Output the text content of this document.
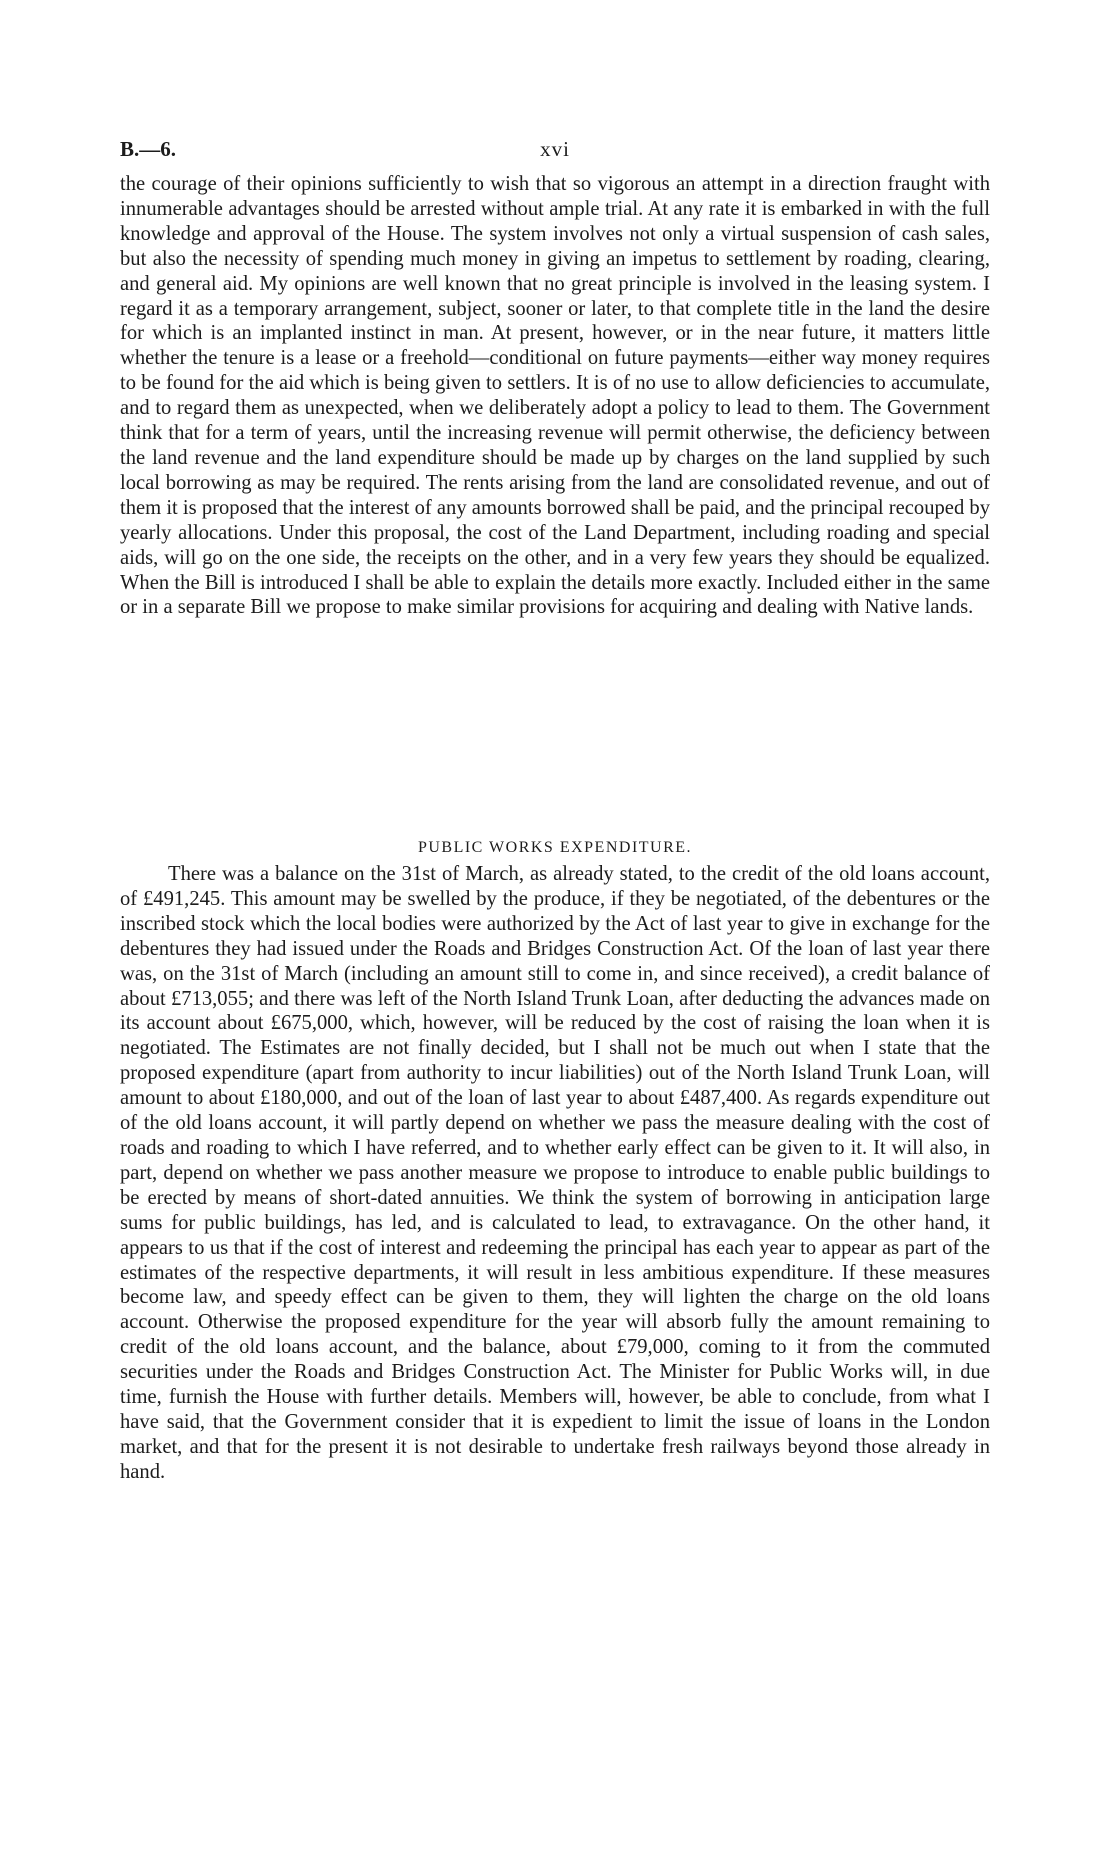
B.—6.	xvi

the courage of their opinions sufficiently to wish that so vigorous an attempt in a direction fraught with innumerable advantages should be arrested without ample trial. At any rate it is embarked in with the full knowledge and approval of the House. The system involves not only a virtual suspension of cash sales, but also the necessity of spending much money in giving an impetus to settlement by roading, clearing, and general aid. My opinions are well known that no great principle is involved in the leasing system. I regard it as a temporary arrangement, subject, sooner or later, to that complete title in the land the desire for which is an implanted instinct in man. At present, however, or in the near future, it matters little whether the tenure is a lease or a freehold—conditional on future payments—either way money requires to be found for the aid which is being given to settlers. It is of no use to allow deficiencies to accumulate, and to regard them as unexpected, when we deliberately adopt a policy to lead to them. The Government think that for a term of years, until the increasing revenue will permit otherwise, the deficiency between the land revenue and the land expenditure should be made up by charges on the land supplied by such local borrowing as may be required. The rents arising from the land are consolidated revenue, and out of them it is proposed that the interest of any amounts borrowed shall be paid, and the principal recouped by yearly allocations. Under this proposal, the cost of the Land Department, including roading and special aids, will go on the one side, the receipts on the other, and in a very few years they should be equalized. When the Bill is introduced I shall be able to explain the details more exactly. Included either in the same or in a separate Bill we propose to make similar provisions for acquiring and dealing with Native lands.

PUBLIC WORKS EXPENDITURE.

There was a balance on the 31st of March, as already stated, to the credit of the old loans account, of £491,245. This amount may be swelled by the produce, if they be negotiated, of the debentures or the inscribed stock which the local bodies were authorized by the Act of last year to give in exchange for the debentures they had issued under the Roads and Bridges Construction Act. Of the loan of last year there was, on the 31st of March (including an amount still to come in, and since received), a credit balance of about £713,055; and there was left of the North Island Trunk Loan, after deducting the advances made on its account about £675,000, which, however, will be reduced by the cost of raising the loan when it is negotiated. The Estimates are not finally decided, but I shall not be much out when I state that the proposed expenditure (apart from authority to incur liabilities) out of the North Island Trunk Loan, will amount to about £180,000, and out of the loan of last year to about £487,400. As regards expenditure out of the old loans account, it will partly depend on whether we pass the measure dealing with the cost of roads and roading to which I have referred, and to whether early effect can be given to it. It will also, in part, depend on whether we pass another measure we propose to introduce to enable public buildings to be erected by means of short-dated annuities. We think the system of borrowing in anticipation large sums for public buildings, has led, and is calculated to lead, to extravagance. On the other hand, it appears to us that if the cost of interest and redeeming the principal has each year to appear as part of the estimates of the respective departments, it will result in less ambitious expenditure. If these measures become law, and speedy effect can be given to them, they will lighten the charge on the old loans account. Otherwise the proposed expenditure for the year will absorb fully the amount remaining to credit of the old loans account, and the balance, about £79,000, coming to it from the commuted securities under the Roads and Bridges Construction Act. The Minister for Public Works will, in due time, furnish the House with further details. Members will, however, be able to conclude, from what I have said, that the Government consider that it is expedient to limit the issue of loans in the London market, and that for the present it is not desirable to undertake fresh railways beyond those already in hand.
